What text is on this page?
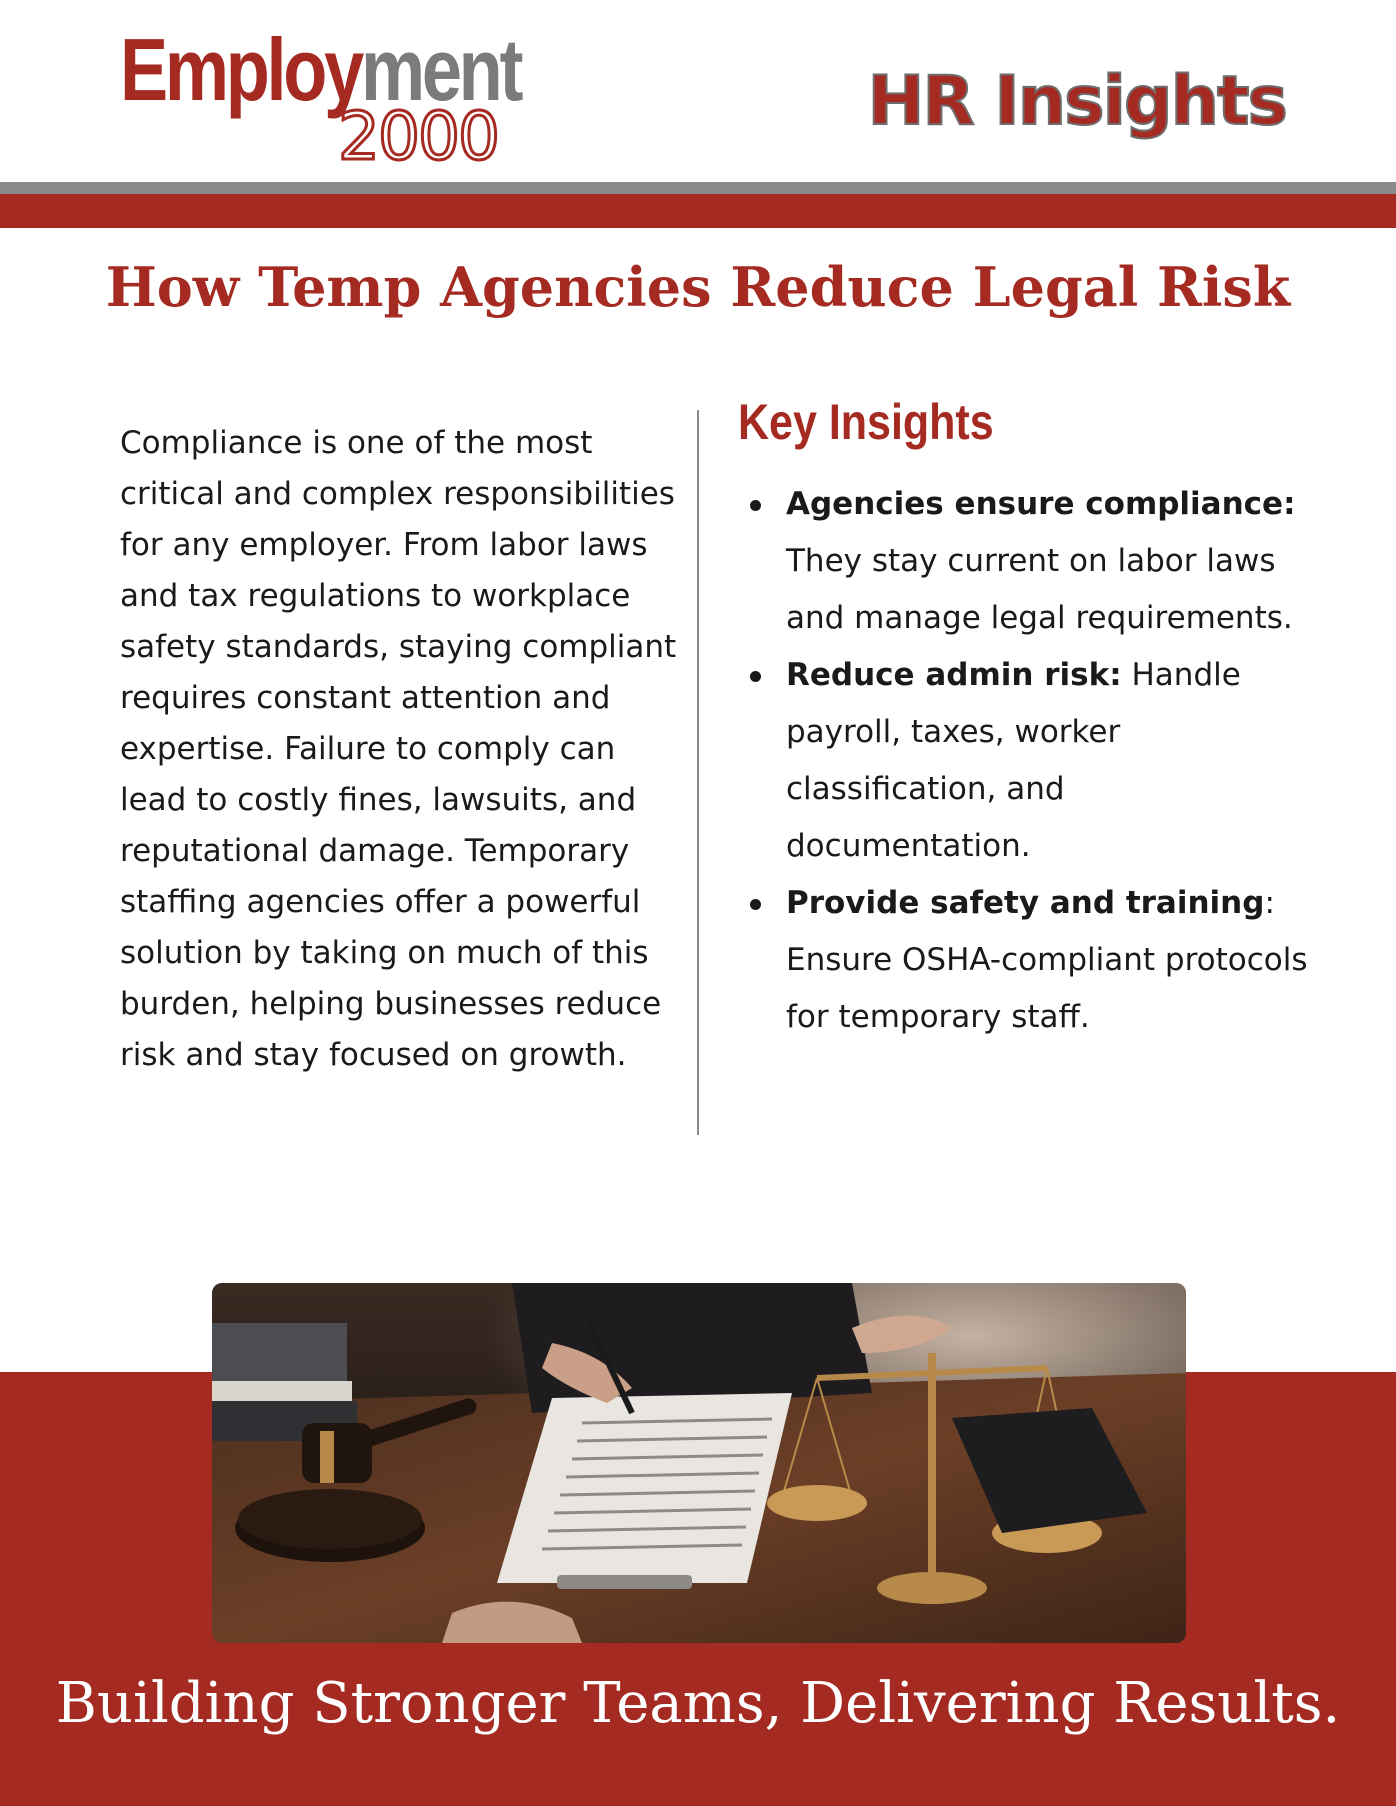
Employment
2000	HR Insights
How Temp Agencies Reduce Legal Risk

Compliance is one of the most critical and complex responsibilities for any employer. From labor laws and tax regulations to workplace safety standards, staying compliant requires constant attention and expertise. Failure to comply can lead to costly fines, lawsuits, and reputational damage. Temporary staffing agencies offer a powerful solution by taking on much of this burden, helping businesses reduce risk and stay focused on growth.

Key Insights
Agencies ensure compliance: They stay current on labor laws and manage legal requirements.
Reduce admin risk: Handle payroll, taxes, worker classification, and documentation.
Provide safety and training: Ensure OSHA-compliant protocols for temporary staff.
Building Stronger Teams, Delivering Results.
